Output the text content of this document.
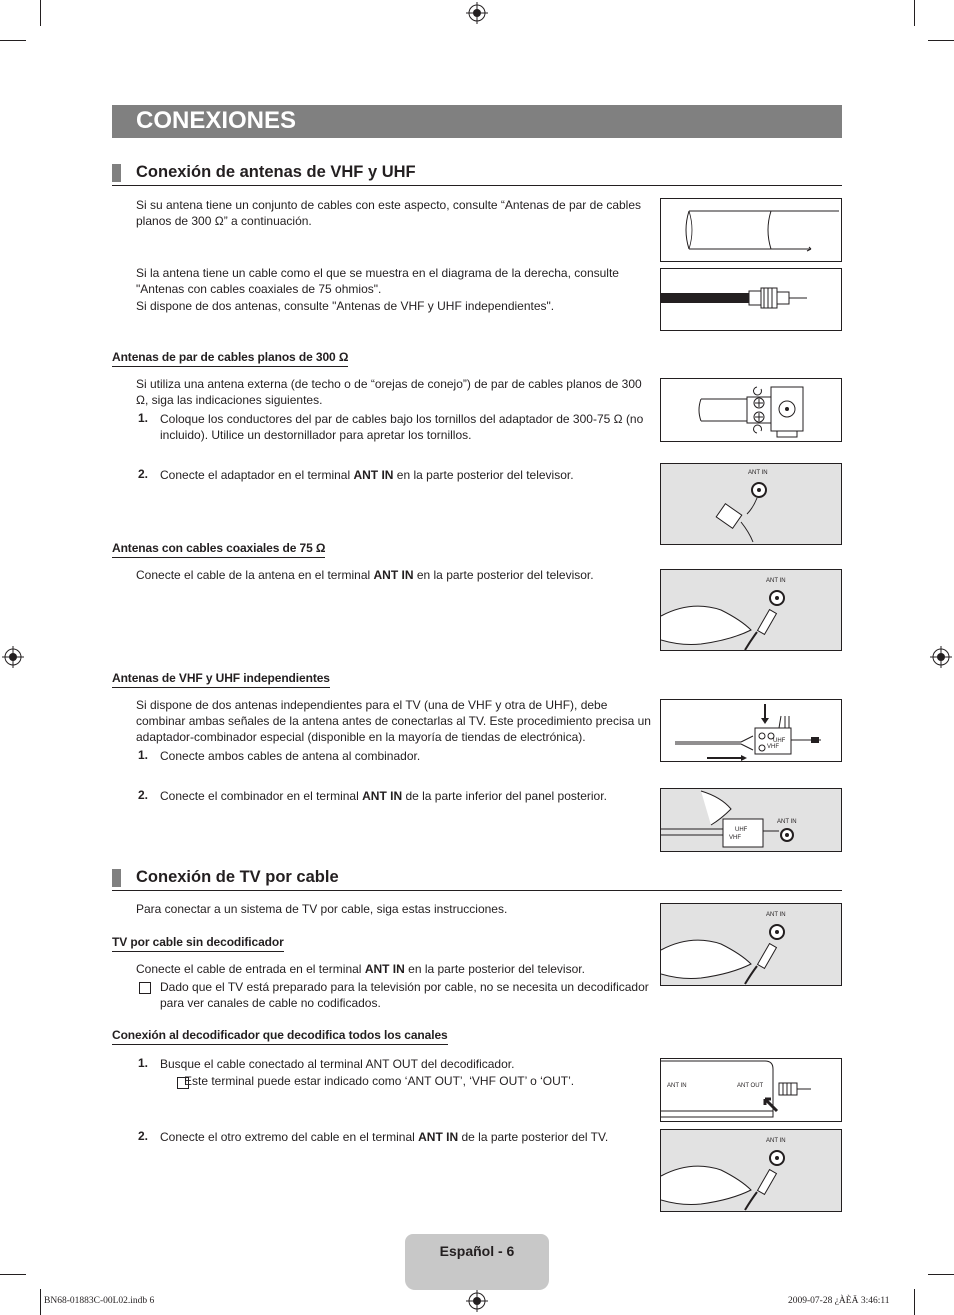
CONEXIONES
Conexión de antenas de VHF y UHF
Si su antena tiene un conjunto de cables con este aspecto, consulte “Antenas de par de cables planos de 300 Ω” a continuación.
Si la antena tiene un cable como el que se muestra en el diagrama de la derecha, consulte "Antenas con cables coaxiales de 75 ohmios".
Si dispone de dos antenas, consulte "Antenas de VHF y UHF independientes".
Antenas de par de cables planos de 300 Ω
Si utiliza una antena externa (de techo o de “orejas de conejo”) de par de cables planos de 300 Ω, siga las indicaciones siguientes.
1. Coloque los conductores del par de cables bajo los tornillos del adaptador de 300-75 Ω (no incluido). Utilice un destornillador para apretar los tornillos.
2. Conecte el adaptador en el terminal ANT IN en la parte posterior del televisor.	ANT IN
Antenas con cables coaxiales de 75 Ω
Conecte el cable de la antena en el terminal ANT IN en la parte posterior del televisor.	ANT IN
Antenas de VHF y UHF independientes
Si dispone de dos antenas independientes para el TV (una de VHF y otra de UHF), debe combinar ambas señales de la antena antes de conectarlas al TV. Este procedimiento precisa un adaptador-combinador especial (disponible en la mayoría de tiendas de electrónica).
1. Conecte ambos cables de antena al combinador.
2. Conecte el combinador en el terminal ANT IN de la parte inferior del panel posterior.
UHF
VHF
UHF
VHF
ANT IN
Conexión de TV por cable
Para conectar a un sistema de TV por cable, siga estas instrucciones.
TV por cable sin decodificador
Conecte el cable de entrada en el terminal ANT IN en la parte posterior del televisor.

Dado que el TV está preparado para la televisión por cable, no se necesita un decodificador para ver canales de cable no codificados.
ANT IN
Conexión al decodificador que decodifica todos los canales
1. Busque el cable conectado al terminal ANT OUT del decodificador.
Este terminal puede estar indicado como ‘ANT OUT’, ‘VHF OUT’ o ‘OUT’.
2. Conecte el otro extremo del cable en el terminal ANT IN de la parte posterior del TV.
ANT IN	ANT OUT
ANT IN
Español - 6
BN68-01883C-00L02.indb 6	2009-07-28 ¿ÀÈÄ 3:46:11
